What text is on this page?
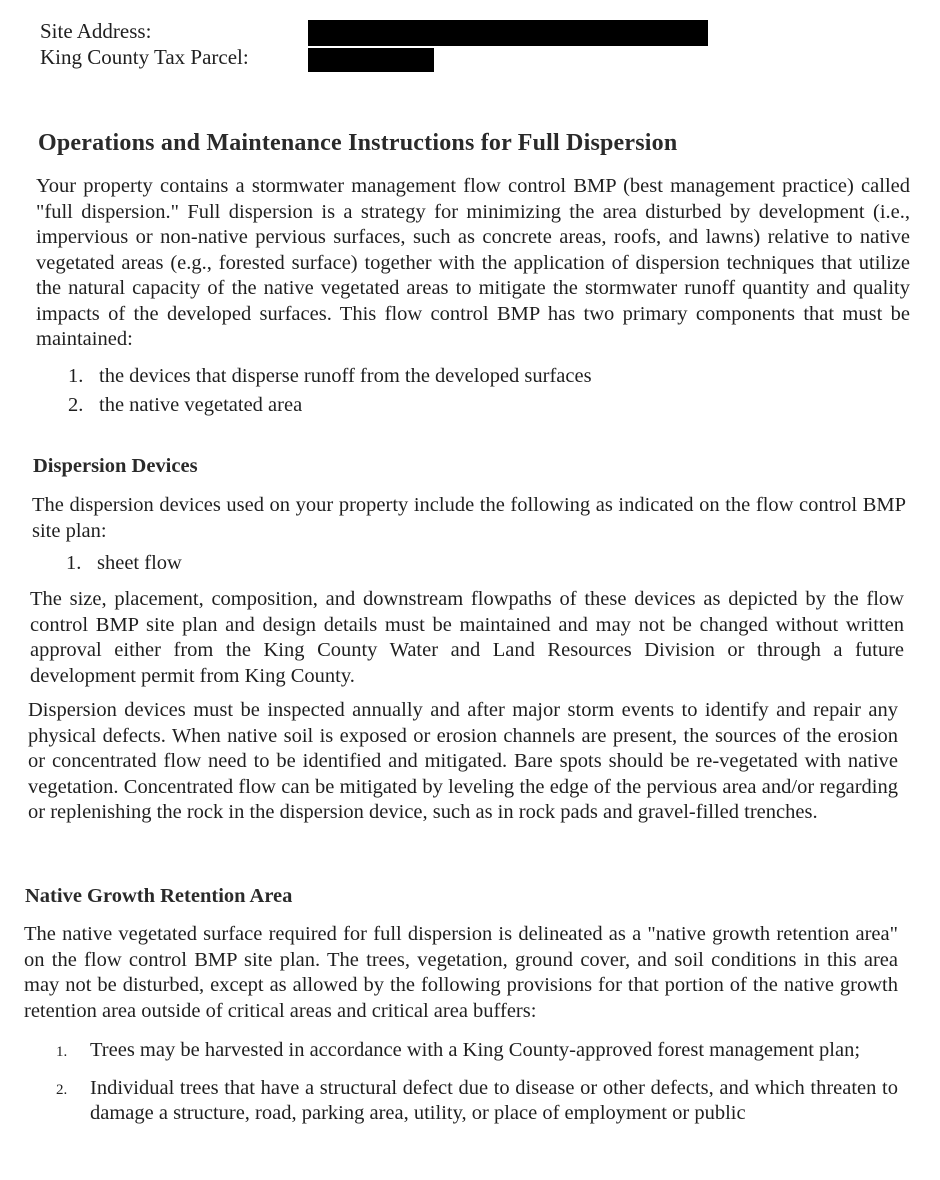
Site Address:
King County Tax Parcel:
Operations and Maintenance Instructions for Full Dispersion

Your property contains a stormwater management flow control BMP (best management practice) called "full dispersion." Full dispersion is a strategy for minimizing the area disturbed by development (i.e., impervious or non-native pervious surfaces, such as concrete areas, roofs, and lawns) relative to native vegetated areas (e.g., forested surface) together with the application of dispersion techniques that utilize the natural capacity of the native vegetated areas to mitigate the stormwater runoff quantity and quality impacts of the developed surfaces. This flow control BMP has two primary components that must be maintained:

1. the devices that disperse runoff from the developed surfaces
2. the native vegetated area
Dispersion Devices

The dispersion devices used on your property include the following as indicated on the flow control BMP site plan:

1. sheet flow

The size, placement, composition, and downstream flowpaths of these devices as depicted by the flow control BMP site plan and design details must be maintained and may not be changed without written approval either from the King County Water and Land Resources Division or through a future development permit from King County.

Dispersion devices must be inspected annually and after major storm events to identify and repair any physical defects. When native soil is exposed or erosion channels are present, the sources of the erosion or concentrated flow need to be identified and mitigated. Bare spots should be re-vegetated with native vegetation. Concentrated flow can be mitigated by leveling the edge of the pervious area and/or regarding or replenishing the rock in the dispersion device, such as in rock pads and gravel-filled trenches.

Native Growth Retention Area

The native vegetated surface required for full dispersion is delineated as a "native growth retention area" on the flow control BMP site plan. The trees, vegetation, ground cover, and soil conditions in this area may not be disturbed, except as allowed by the following provisions for that portion of the native growth retention area outside of critical areas and critical area buffers:

1.	Trees may be harvested in accordance with a King County-approved forest management plan;
2.	Individual trees that have a structural defect due to disease or other defects, and which threaten to damage a structure, road, parking area, utility, or place of employment or public
